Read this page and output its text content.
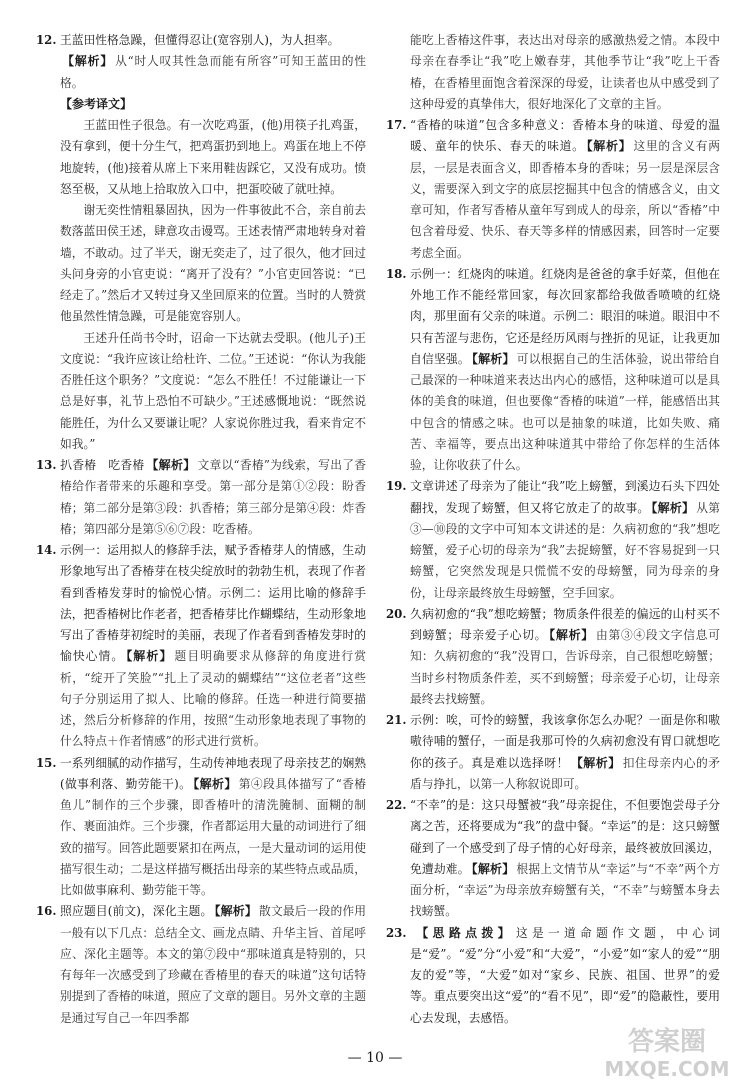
12. 王蓝田性格急躁，但懂得忍让(宽容别人)，为人担率。

【解析】 从“时人叹其性急而能有所容”可知王蓝田的性格。

【参考译文】

王蓝田性子很急。有一次吃鸡蛋，(他)用筷子扎鸡蛋，没有拿到，便十分生气，把鸡蛋扔到地上。鸡蛋在地上不停地旋转，(他)接着从席上下来用鞋齿踩它，又没有成功。愤怒至极，又从地上拾取放入口中，把蛋咬破了就吐掉。

谢无奕性情粗暴固执，因为一件事彼此不合，亲自前去数落蓝田侯王述，肆意攻击谩骂。王述表情严肃地转身对着墙，不敢动。过了半天，谢无奕走了，过了很久，他才回过头问身旁的小官吏说：“离开了没有？”小官吏回答说：“已经走了。”然后才又转过身又坐回原来的位置。当时的人赞赏他虽然性情急躁，可是能宽容别人。

王述升任尚书令时，诏命一下达就去受职。(他儿子)王文度说：“我许应该让给杜许、二位。”王述说：“你认为我能否胜任这个职务？”文度说：“怎么不胜任！不过能谦让一下总是好事，礼节上恐怕不可缺少。”王述感慨地说：“既然说能胜任，为什么又要谦让呢？人家说你胜过我，看来肯定不如我。”

13. 扒香椿　吃香椿 【解析】 文章以“香椿”为线索，写出了香椿给作者带来的乐趣和享受。第一部分是第①②段：盼香椿；第二部分是第③段：扒香椿；第三部分是第④段：炸香椿；第四部分是第⑤⑥⑦段：吃香椿。

14. 示例一：运用拟人的修辞手法，赋予香椿芽人的情感，生动形象地写出了香椿芽在枝尖绽放时的勃勃生机，表现了作者看到香椿发芽时的愉悦心情。示例二：运用比喻的修辞手法，把香椿树比作老者，把香椿芽比作蝴蝶结，生动形象地写出了香椿芽初绽时的美丽，表现了作者看到香椿发芽时的愉快心情。 【解析】 题目明确要求从修辞的角度进行赏析，“绽开了笑脸”“扎上了灵动的蝴蝶结”“这位老者”这些句子分别运用了拟人、比喻的修辞。任选一种进行简要描述，然后分析修辞的作用，按照“生动形象地表现了事物的什么特点＋作者情感”的形式进行赏析。

15. 一系列细腻的动作描写，生动传神地表现了母亲技艺的娴熟(做事利落、勤劳能干)。 【解析】 第④段具体描写了“香椿鱼儿”制作的三个步骤，即香椿叶的清洗腌制、面糊的制作、裹面油炸。三个步骤，作者都运用大量的动词进行了细致的描写。回答此题要紧扣在两点，一是大量动词的运用使描写很生动；二是这样描写概括出母亲的某些特点或品质，比如做事麻利、勤劳能干等。

16. 照应题目(前文)，深化主题。 【解析】 散文最后一段的作用一般有以下几点：总结全文、画龙点睛、升华主旨、首尾呼应、深化主题等。本文的第⑦段中“那味道真是特别的，只有每年一次感受到了珍藏在香椿里的春天的味道”这句话特别提到了香椿的味道，照应了文章的题目。另外文章的主题是通过写自己一年四季都

能吃上香椿这件事，表达出对母亲的感激热爱之情。本段中母亲在春季让“我”吃上嫩春芽，其他季节让“我”吃上干香椿，在香椿里面饱含着深深的母爱，让读者也从中感受到了这种母爱的真挚伟大，很好地深化了文章的主旨。

17. “香椿的味道”包含多种意义：香椿本身的味道、母爱的温暖、童年的快乐、春天的味道。 【解析】 这里的含义有两层，一层是表面含义，即香椿本身的香味；另一层是深层含义，需要深入到文字的底层挖掘其中包含的情感含义，由文章可知，作者写香椿从童年写到成人的母亲，所以“香椿”中包含着母爱、快乐、春天等多样的情感因素，回答时一定要考虑全面。

18. 示例一：红烧肉的味道。红烧肉是爸爸的拿手好菜，但他在外地工作不能经常回家，每次回家都给我做香喷喷的红烧肉，那里面有父亲的味道。示例二：眼泪的味道。眼泪中不只有苦涩与悲伤，它还是经历风雨与挫折的见证，让我更加自信坚强。 【解析】 可以根据自己的生活体验，说出带给自己最深的一种味道来表达出内心的感悟，这种味道可以是具体的美食的味道，但也要像“香椿的味道”一样，能感悟出其中包含的情感之味。也可以是抽象的味道，比如失败、痛苦、幸福等，要点出这种味道其中带给了你怎样的生活体验，让你收获了什么。

19. 文章讲述了母亲为了能让“我”吃上螃蟹，到溪边石头下四处翻找，发现了螃蟹，但又将它放走了的故事。 【解析】 从第③—⑩段的文字中可知本文讲述的是：久病初愈的“我”想吃螃蟹，爱子心切的母亲为“我”去捉螃蟹，好不容易捉到一只螃蟹，它突然发现是只慌慌不安的母螃蟹，同为母亲的身份，让母亲最终放生母螃蟹，空手回家。

20. 久病初愈的“我”想吃螃蟹；物质条件很差的偏远的山村买不到螃蟹；母亲爱子心切。 【解析】 由第③④段文字信息可知：久病初愈的“我”没胃口，告诉母亲，自己很想吃螃蟹；当时乡村物质条件差，买不到螃蟹；母亲爱子心切，让母亲最终去找螃蟹。

21. 示例：唉，可怜的螃蟹，我该拿你怎么办呢？一面是你和嗷嗷待哺的蟹仔，一面是我那可怜的久病初愈没有胃口就想吃你的孩子。真是难以选择呀！ 【解析】 扣住母亲内心的矛盾与挣扎，以第一人称叙说即可。

22. “不幸”的是：这只母蟹被“我”母亲捉住，不但要饱尝母子分离之苦，还将要成为“我”的盘中餐。“幸运”的是：这只螃蟹碰到了一个感受到了母子情的心好母亲，最终被放回溪边，免遭劫难。 【解析】 根据上文情节从“幸运”与“不幸”两个方面分析，“幸运”为母亲放弃螃蟹有关，“不幸”与螃蟹本身去找螃蟹。

23. 【思路点拨】 这是一道命题作文题，中心词是“爱”。“爱”分“小爱”和“大爱”，“小爱”如“家人的爱”“朋友的爱”等，“大爱”如对“家乡、民族、祖国、世界”的爱等。重点要突出这“爱”的“看不见”，即“爱”的隐蔽性，要用心去发现，去感悟。

— 10 —
答案圈
MXQE.COM
